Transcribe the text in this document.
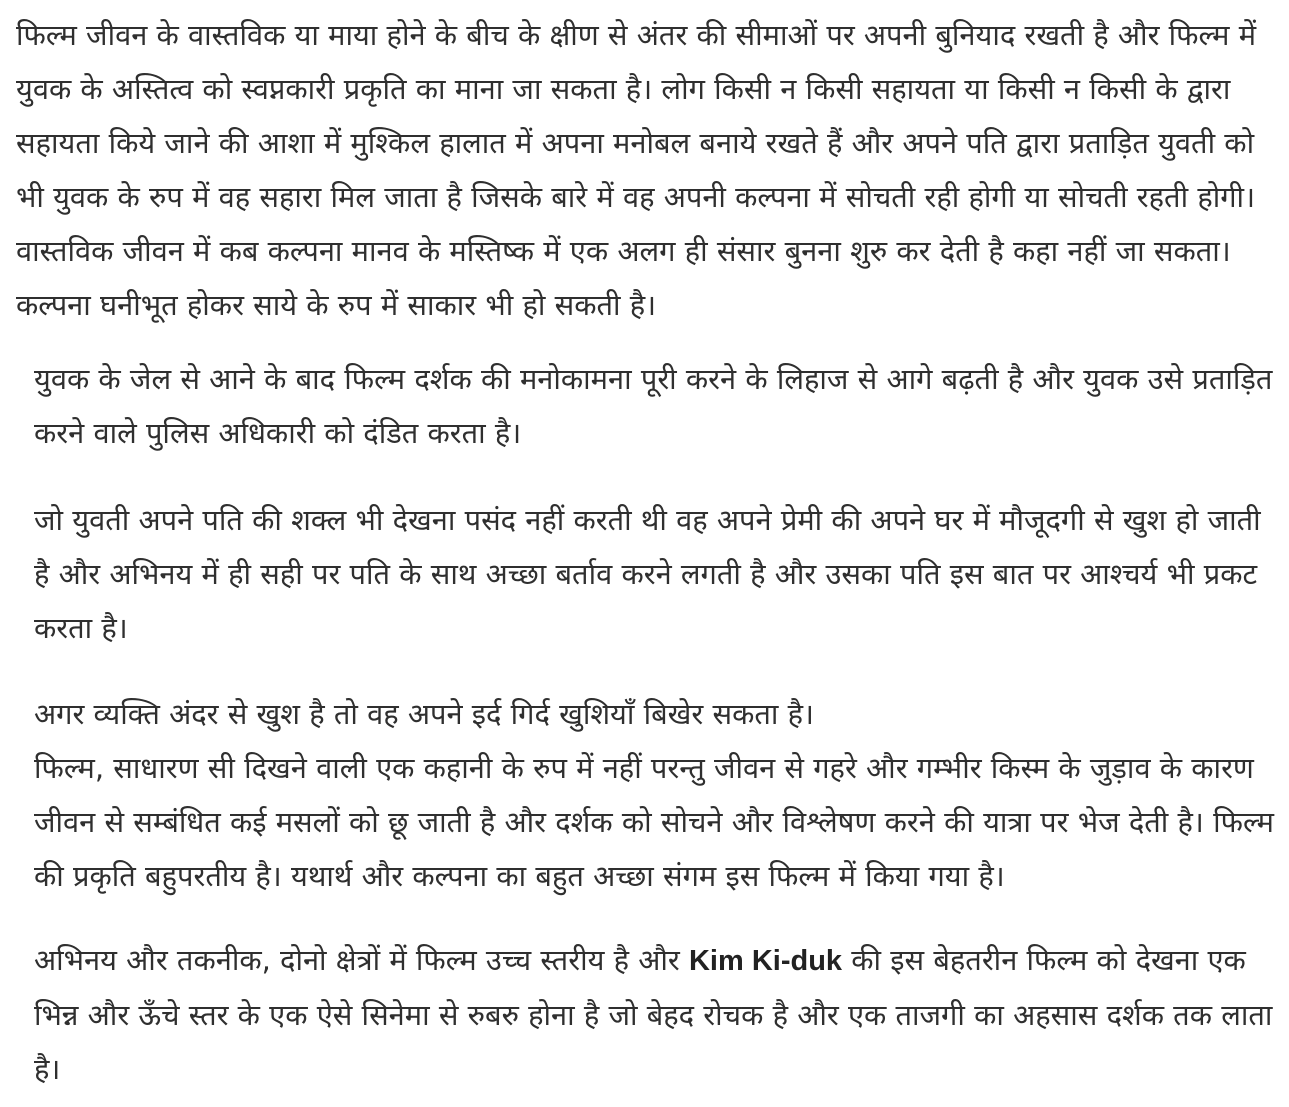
फिल्म जीवन के वास्तविक या माया होने के बीच के क्षीण से अंतर की सीमाओं पर अपनी बुनियाद रखती है और फिल्म में युवक के अस्तित्व को स्वप्नकारी प्रकृति का माना जा सकता है। लोग किसी न किसी सहायता या किसी न किसी के द्वारा सहायता किये जाने की आशा में मुश्किल हालात में अपना मनोबल बनाये रखते हैं और अपने पति द्वारा प्रताड़ित युवती को भी युवक के रुप में वह सहारा मिल जाता है जिसके बारे में वह अपनी कल्पना में सोचती रही होगी या सोचती रहती होगी। वास्तविक जीवन में कब कल्पना मानव के मस्तिष्क में एक अलग ही संसार बुनना शुरु कर देती है कहा नहीं जा सकता। कल्पना घनीभूत होकर साये के रुप में साकार भी हो सकती है।

युवक के जेल से आने के बाद फिल्म दर्शक की मनोकामना पूरी करने के लिहाज से आगे बढ़ती है और युवक उसे प्रताड़ित करने वाले पुलिस अधिकारी को दंडित करता है।

जो युवती अपने पति की शक्ल भी देखना पसंद नहीं करती थी वह अपने प्रेमी की अपने घर में मौजूदगी से खुश हो जाती है और अभिनय में ही सही पर पति के साथ अच्छा बर्ताव करने लगती है और उसका पति इस बात पर आश्चर्य भी प्रकट करता है।

अगर व्यक्ति अंदर से खुश है तो वह अपने इर्द गिर्द खुशियाँ बिखेर सकता है।
फिल्म, साधारण सी दिखने वाली एक कहानी के रुप में नहीं परन्तु जीवन से गहरे और गम्भीर किस्म के जुड़ाव के कारण जीवन से सम्बंधित कई मसलों को छू जाती है और दर्शक को सोचने और विश्लेषण करने की यात्रा पर भेज देती है। फिल्म की प्रकृति बहुपरतीय है। यथार्थ और कल्पना का बहुत अच्छा संगम इस फिल्म में किया गया है।

अभिनय और तकनीक, दोनो क्षेत्रों में फिल्म उच्च स्तरीय है और Kim Ki-duk की इस बेहतरीन फिल्म को देखना एक भिन्न और ऊँचे स्तर के एक ऐसे सिनेमा से रुबरु होना है जो बेहद रोचक है और एक ताजगी का अहसास दर्शक तक लाता है।
